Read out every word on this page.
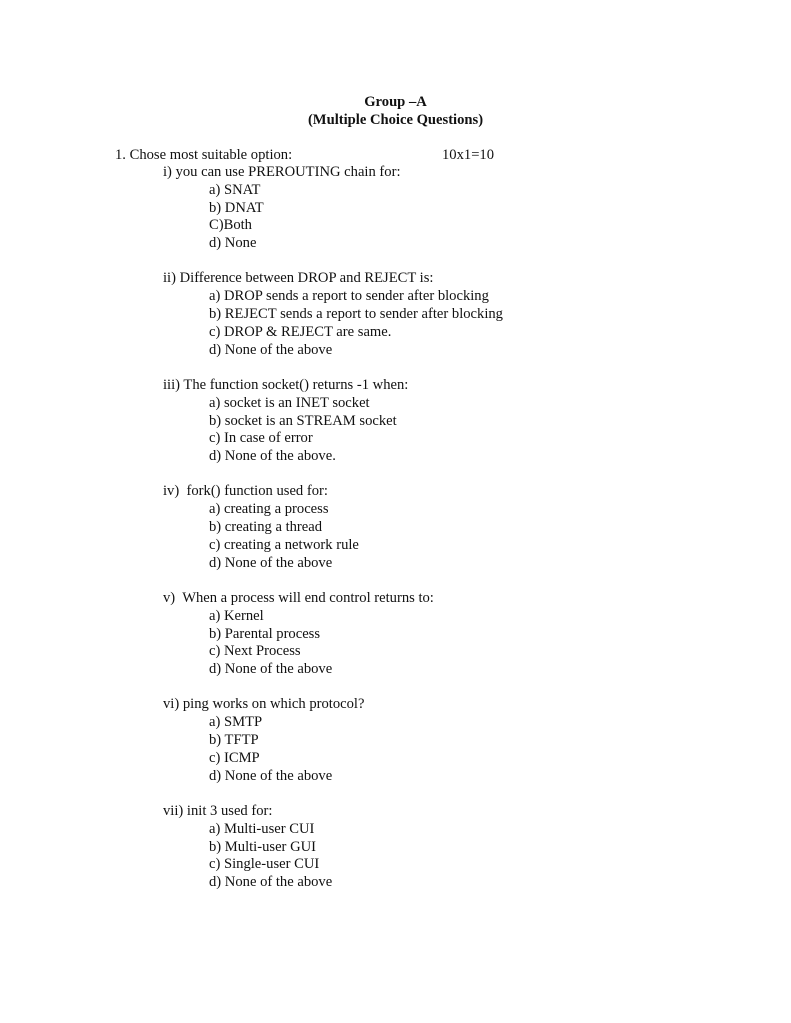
Group –A
(Multiple Choice Questions)
1. Chose most suitable option:	10x1=10
i) you can use PREROUTING chain for:
a) SNAT
b) DNAT
C)Both
d) None
ii) Difference between DROP and REJECT is:
a) DROP sends a report to sender after blocking
b) REJECT sends a report to sender after blocking
c) DROP & REJECT are same.
d) None of the above
iii) The function socket() returns -1 when:
a) socket is an INET socket
b) socket is an STREAM socket
c) In case of error
d) None of the above.
iv)  fork() function used for:
a) creating a process
b) creating a thread
c) creating a network rule
d) None of the above
v)  When a process will end control returns to:
a) Kernel
b) Parental process
c) Next Process
d) None of the above
vi) ping works on which protocol?
a) SMTP
b) TFTP
c) ICMP
d) None of the above
vii) init 3 used for:
a) Multi-user CUI
b) Multi-user GUI
c) Single-user CUI
d) None of the above
